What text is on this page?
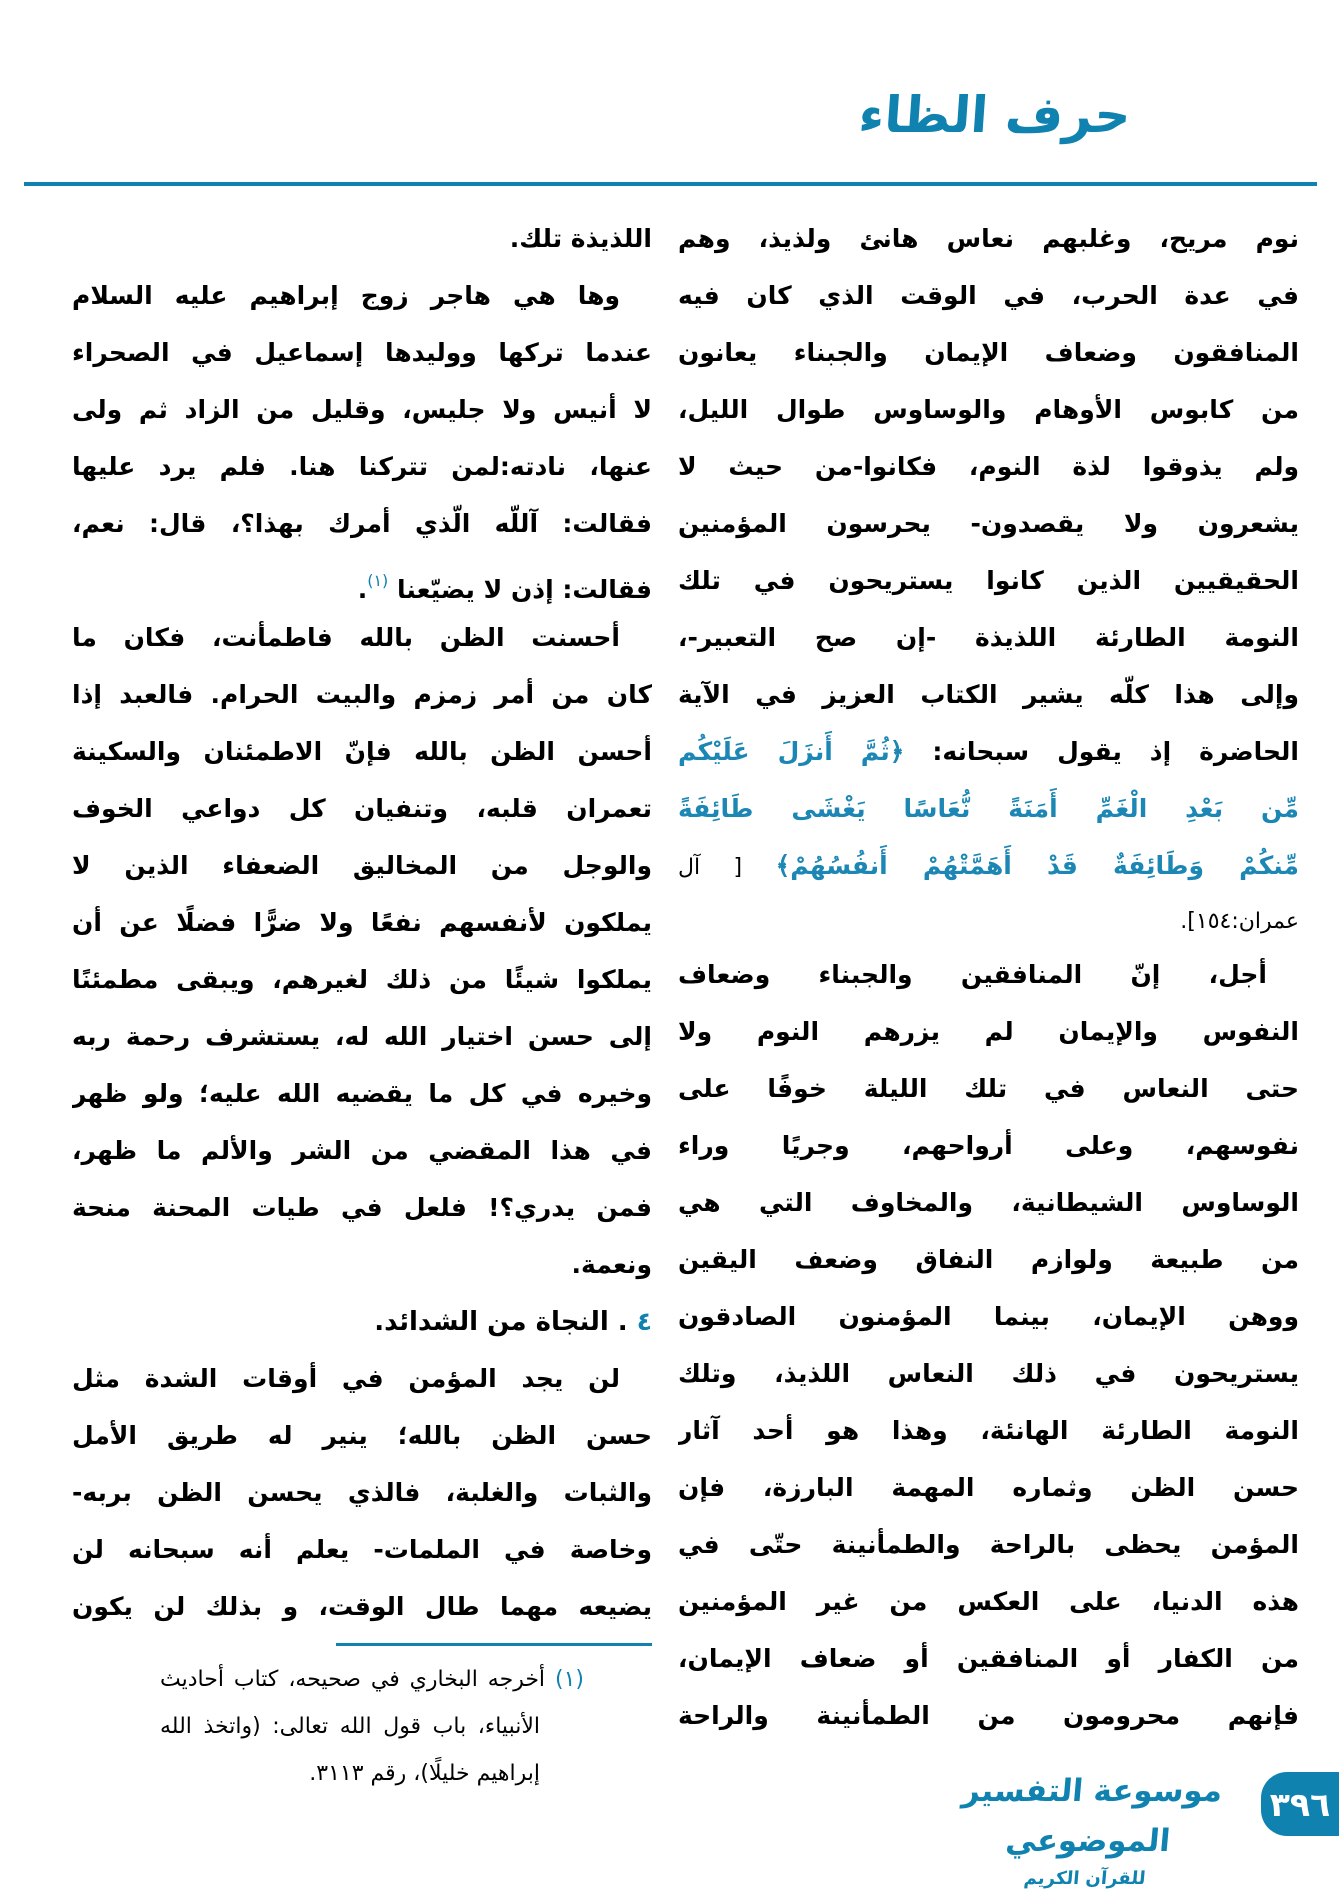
حرف الظاء
نوم مريح، وغلبهم نعاس هانئ ولذيذ، وهم
في عدة الحرب، في الوقت الذي كان فيه
المنافقون وضعاف الإيمان والجبناء يعانون
من كابوس الأوهام والوساوس طوال الليل،
ولم يذوقوا لذة النوم، فكانوا-من حيث لا
يشعرون ولا يقصدون- يحرسون المؤمنين
الحقيقيين الذين كانوا يستريحون في تلك
النومة الطارئة اللذيذة -إن صح التعبير-،
وإلى هذا كلّه يشير الكتاب العزيز في الآية
الحاضرة إذ يقول سبحانه: ﴿ثُمَّ أَنزَلَ عَلَيْكُم
مِّن بَعْدِ الْغَمِّ أَمَنَةً نُّعَاسًا يَغْشَى طَائِفَةً
مِّنكُمْ وَطَائِفَةٌ قَدْ أَهَمَّتْهُمْ أَنفُسُهُمْ﴾ [ آل
عمران:١٥٤].
أجل، إنّ المنافقين والجبناء وضعاف
النفوس والإيمان لم يزرهم النوم ولا
حتى النعاس في تلك الليلة خوفًا على
نفوسهم، وعلى أرواحهم، وجريًا وراء
الوساوس الشيطانية، والمخاوف التي هي
من طبيعة ولوازم النفاق وضعف اليقين
ووهن الإيمان، بينما المؤمنون الصادقون
يستريحون في ذلك النعاس اللذيذ، وتلك
النومة الطارئة الهانئة، وهذا هو أحد آثار
حسن الظن وثماره المهمة البارزة، فإن
المؤمن يحظى بالراحة والطمأنينة حتّى في
هذه الدنيا، على العكس من غير المؤمنين
من الكفار أو المنافقين أو ضعاف الإيمان،
فإنهم محرومون من الطمأنينة والراحة
اللذيذة تلك.
وها هي هاجر زوج إبراهيم عليه السلام
عندما تركها ووليدها إسماعيل في الصحراء
لا أنيس ولا جليس، وقليل من الزاد ثم ولى
عنها، نادته:لمن تتركنا هنا. فلم يرد عليها
فقالت: آللّه الّذي أمرك بهذا؟، قال: نعم،
فقالت: إذن لا يضيّعنا $^{(١)}$.
أحسنت الظن بالله فاطمأنت، فكان ما
كان من أمر زمزم والبيت الحرام. فالعبد إذا
أحسن الظن بالله فإنّ الاطمئنان والسكينة
تعمران قلبه، وتنفيان كل دواعي الخوف
والوجل من المخاليق الضعفاء الذين لا
يملكون لأنفسهم نفعًا ولا ضرًّا فضلًا عن أن
يملكوا شيئًا من ذلك لغيرهم، ويبقى مطمئنًا
إلى حسن اختيار الله له، يستشرف رحمة ربه
وخيره في كل ما يقضيه الله عليه؛ ولو ظهر
في هذا المقضي من الشر والألم ما ظهر،
فمن يدري؟! فلعل في طيات المحنة منحة
ونعمة.
٤ . النجاة من الشدائد.
لن يجد المؤمن في أوقات الشدة مثل
حسن الظن بالله؛ ينير له طريق الأمل
والثبات والغلبة، فالذي يحسن الظن بربه-
وخاصة في الملمات- يعلم أنه سبحانه لن
يضيعه مهما طال الوقت، و بذلك لن يكون
(١) أخرجه البخاري في صحيحه، كتاب أحاديث
الأنبياء، باب قول الله تعالى: (واتخذ الله
إبراهيم خليلًا)، رقم ٣١١٣.	موسوعة التفسير الموضوعي
للقرآن الكريم
٣٩٦
